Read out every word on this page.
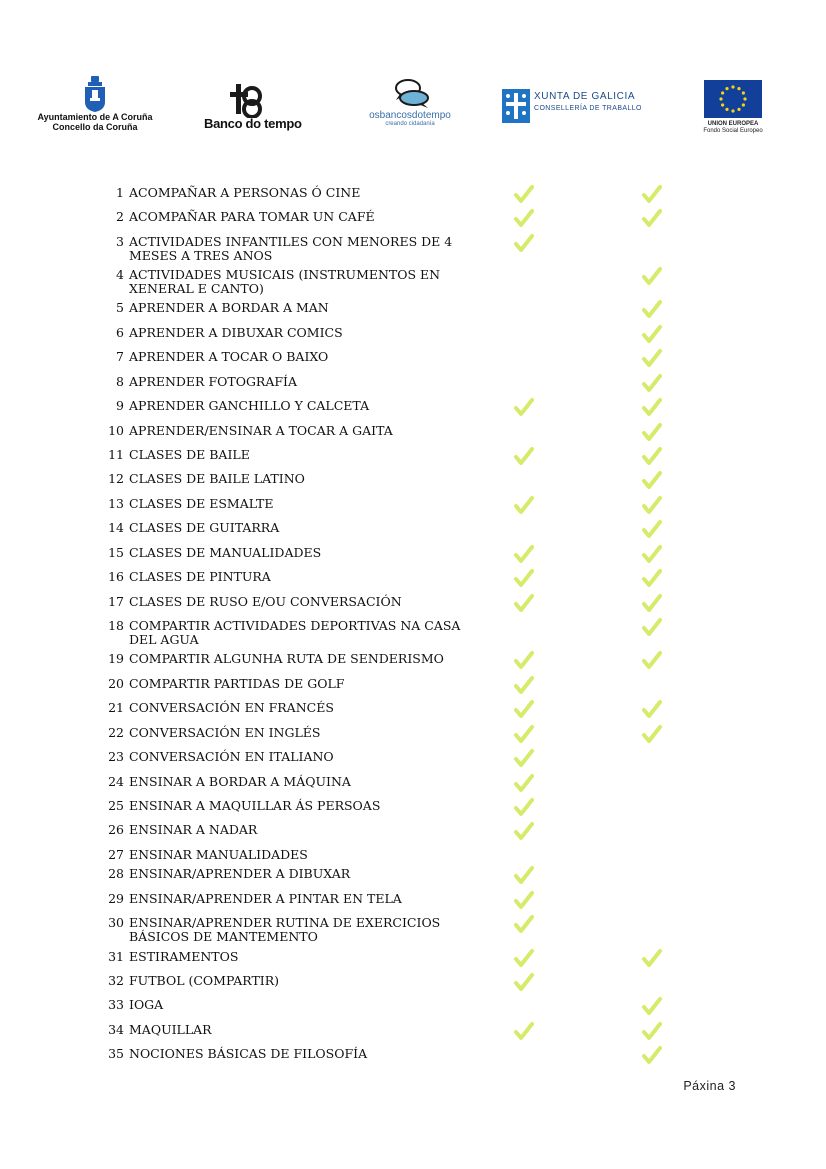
Ayuntamiento de A Coruña
Concello da Coruña	Banco do tempo
osbancosdotempo
creando cidadanía
XUNTA DE GALICIA
CONSELLERÍA DE TRABALLO
UNION EUROPEA
Fondo Social Europeo
1 ACOMPAÑAR A PERSONAS Ó CINE
2 ACOMPAÑAR PARA TOMAR UN CAFÉ
3 ACTIVIDADES INFANTILES CON MENORES DE 4 MESES A TRES ANOS
4 ACTIVIDADES MUSICAIS (INSTRUMENTOS EN XENERAL E CANTO)
5 APRENDER A BORDAR A MAN
6 APRENDER A DIBUXAR COMICS
7 APRENDER A TOCAR O BAIXO
8 APRENDER FOTOGRAFÍA
9 APRENDER GANCHILLO Y CALCETA
10 APRENDER/ENSINAR A TOCAR A GAITA
11 CLASES DE BAILE
12 CLASES DE BAILE LATINO
13 CLASES DE ESMALTE
14 CLASES DE GUITARRA
15 CLASES DE MANUALIDADES
16 CLASES DE PINTURA
17 CLASES DE RUSO E/OU CONVERSACIÓN
18 COMPARTIR ACTIVIDADES DEPORTIVAS NA CASA DEL AGUA
19 COMPARTIR ALGUNHA RUTA DE SENDERISMO
20 COMPARTIR PARTIDAS DE GOLF
21 CONVERSACIÓN EN FRANCÉS
22 CONVERSACIÓN EN INGLÉS
23 CONVERSACIÓN EN ITALIANO
24 ENSINAR A BORDAR A MÁQUINA
25 ENSINAR A MAQUILLAR ÁS PERSOAS
26 ENSINAR A NADAR
27 ENSINAR MANUALIDADES
28 ENSINAR/APRENDER A DIBUXAR
29 ENSINAR/APRENDER A PINTAR EN TELA
30 ENSINAR/APRENDER RUTINA DE EXERCICIOS BÁSICOS DE MANTEMENTO
31 ESTIRAMENTOS
32 FUTBOL (COMPARTIR)
33 IOGA
34 MAQUILLAR
35 NOCIONES BÁSICAS DE FILOSOFÍA
Páxina 3
